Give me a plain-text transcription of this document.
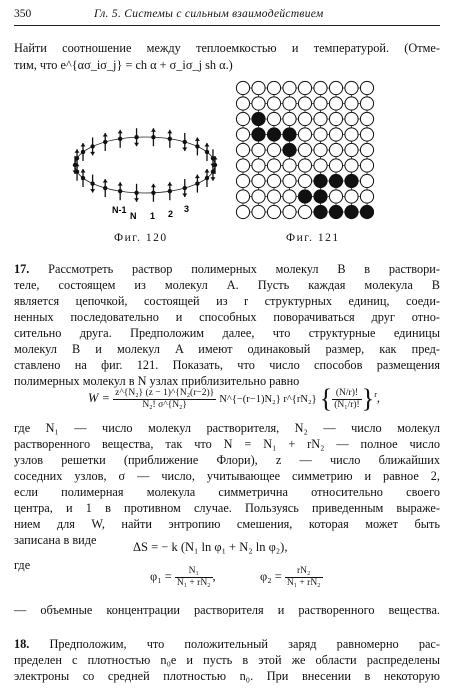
350	Гл. 5. Системы с сильным взаимодействием
Найти соотношение между теплоемкостью и температурой. (Отме-
тим, что e^{ασ_iσ_j} = ch α + σ_iσ_j sh α.)
N-1
N 1 2 3
Фиг. 120	Фиг. 121
17. Рассмотреть раствор полимерных молекул B в раствори-
теле, состоящем из молекул A. Пусть каждая молекула B
является цепочкой, состоящей из r структурных единиц, соеди-
ненных последовательно и способных поворачиваться друг отно-
сительно друга. Предположим далее, что структурные единицы
молекул B и молекул A имеют одинаковый размер, как пред-
ставлено на фиг. 121. Показать, что число способов размещения
полимерных молекул в N узлах приблизительно равно
$W = \frac{\text{z\textasciicircum{}\{N₂\} (z − 1)\textasciicircum{}\{N₂(r−2)\}}}{\text{N₂! σ\textasciicircum{}\{N₂\}}}$ N^{−(r−1)N₂} r^{rN₂} { $\frac{(N/r)!}{\text{(N₁/r)!}} \}^r$,
где N₁ — число молекул растворителя, N₂ — число молекул
растворенного вещества, так что N = N₁ + rN₂ — полное число
узлов решетки (приближение Флори), z — число ближайших
соседних узлов, σ — число, учитывающее симметрию и равное 2,
если полимерная молекула симметрична относительно своего
центра, и 1 в противном случае. Пользуясь приведенным выраже-
нием для W, найти энтропию смешения, которая может быть
записана в виде	ΔS = − k (N₁ ln φ₁ + N₂ ln φ₂),
где
$\varphi_1 = \frac{\text{N₁}}{\text{N₁ + rN₂}}$ ,	$\varphi_2 = \frac{\text{rN₂}}{\text{N₁ + rN₂}}$
— объемные концентрации растворителя и растворенного вещества.
18. Предположим, что положительный заряд равномерно рас-
пределен с плотностью n₀e и пусть в этой же области распределены
электроны со средней плотностью n₀. При внесении в некоторую
